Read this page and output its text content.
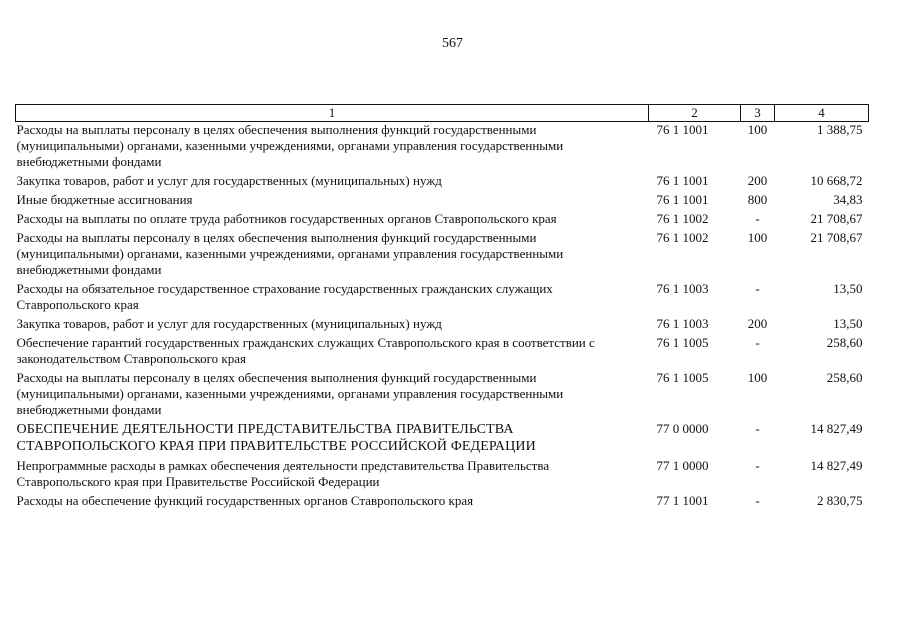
567
1	2	3	4
Расходы на выплаты персоналу в целях обеспечения выполнения функций государственными (муниципальными) органами, казенными учреждениями, органами управления государственными внебюджетными фондами	76 1 1001	100	1 388,75
Закупка товаров, работ и услуг для государственных (муниципальных) нужд	76 1 1001	200	10 668,72
Иные бюджетные ассигнования	76 1 1001	800	34,83
Расходы на выплаты по оплате труда работников государственных органов Ставропольского края	76 1 1002	-	21 708,67
Расходы на выплаты персоналу в целях обеспечения выполнения функций государственными (муниципальными) органами, казенными учреждениями, органами управления государственными внебюджетными фондами	76 1 1002	100	21 708,67
Расходы на обязательное государственное страхование государственных гражданских служащих Ставропольского края	76 1 1003	-	13,50
Закупка товаров, работ и услуг для государственных (муниципальных) нужд	76 1 1003	200	13,50
Обеспечение гарантий государственных гражданских служащих Ставропольского края в соответствии с законодательством Ставропольского края	76 1 1005	-	258,60
Расходы на выплаты персоналу в целях обеспечения выполнения функций государственными (муниципальными) органами, казенными учреждениями, органами управления государственными внебюджетными фондами	76 1 1005	100	258,60
ОБЕСПЕЧЕНИЕ ДЕЯТЕЛЬНОСТИ ПРЕДСТАВИТЕЛЬСТВА ПРАВИТЕЛЬСТВА СТАВРОПОЛЬСКОГО КРАЯ ПРИ ПРАВИТЕЛЬСТВЕ РОССИЙСКОЙ ФЕДЕРАЦИИ	77 0 0000	-	14 827,49
Непрограммные расходы в рамках обеспечения деятельности представительства Правительства Ставропольского края при Правительстве Российской Федерации	77 1 0000	-	14 827,49
Расходы на обеспечение функций государственных органов Ставропольского края	77 1 1001	-	2 830,75
